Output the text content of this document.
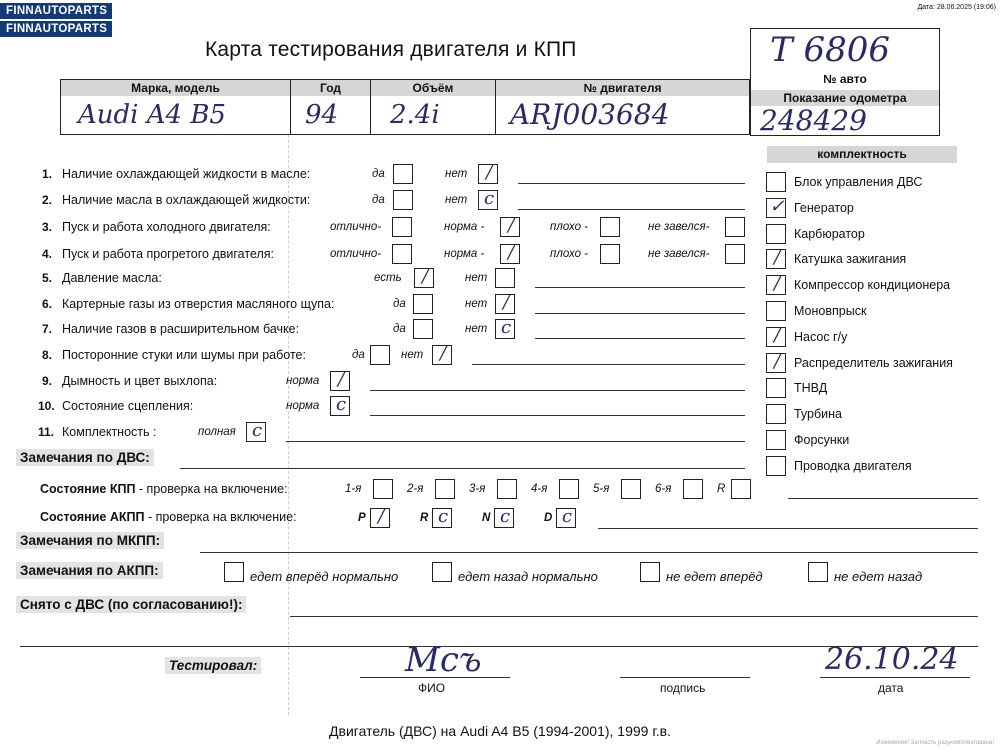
FINNAUTOPARTS
FINNAUTOPARTS
Дата: 28.06.2025 (19:06)
Карта тестирования двигателя и КПП
Марка, модель	Год	Объём	№ двигателя
Audi A4 B5	94 2.4i	ARJ003684
T 6806
№ авто
Показание одометра
248429
1. Наличие охлаждающей жидкости в масле:	да	нет	/
2. Наличие масла в охлаждающей жидкости:	да	нет c
3. Пуск и работа холодного двигателя:	отлично-	норма -	/	плохо -	не завелся-
4. Пуск и работа прогретого двигателя:	отлично-	норма -	/	плохо -	не завелся-
5. Давление масла:	есть	/	нет
6. Картерные газы из отверстия масляного щупа:	да	нет /
7. Наличие газов в расширительном бачке:	да	нет c
8. Посторонние стуки или шумы при работе:	да	нет /
9. Дымность и цвет выхлопа:	норма	/
10. Состояние сцепления:	норма c
11. Комплектность :	полная c
комплектность
Блок управления ДВС
✓ Генератор
Карбюратор
/	Катушка зажигания
/	Компрессор кондиционера
Моновпрыск
/	Насос г/у
/	Распределитель зажигания
ТНВД
Турбина
Форсунки
Проводка двигателя
Замечания по ДВС:
Состояние КПП - проверка на включение:	1-я	2-я	3-я	4-я	5-я	6-я	R
Состояние АКПП - проверка на включение:	P /	R c	N c	D c
Замечания по МКПП:
Замечания по АКПП:	едет вперёд нормально	едет назад нормально	не едет вперёд	не едет назад
Снято с ДВС (по согласованию!):
Тестировал:	Мсъ	26.10.24
ФИО	подпись	дата
Двигатель (ДВС) на Audi A4 B5 (1994-2001), 1999 г.в.
Изменение! Запчасть разукомплектована!
